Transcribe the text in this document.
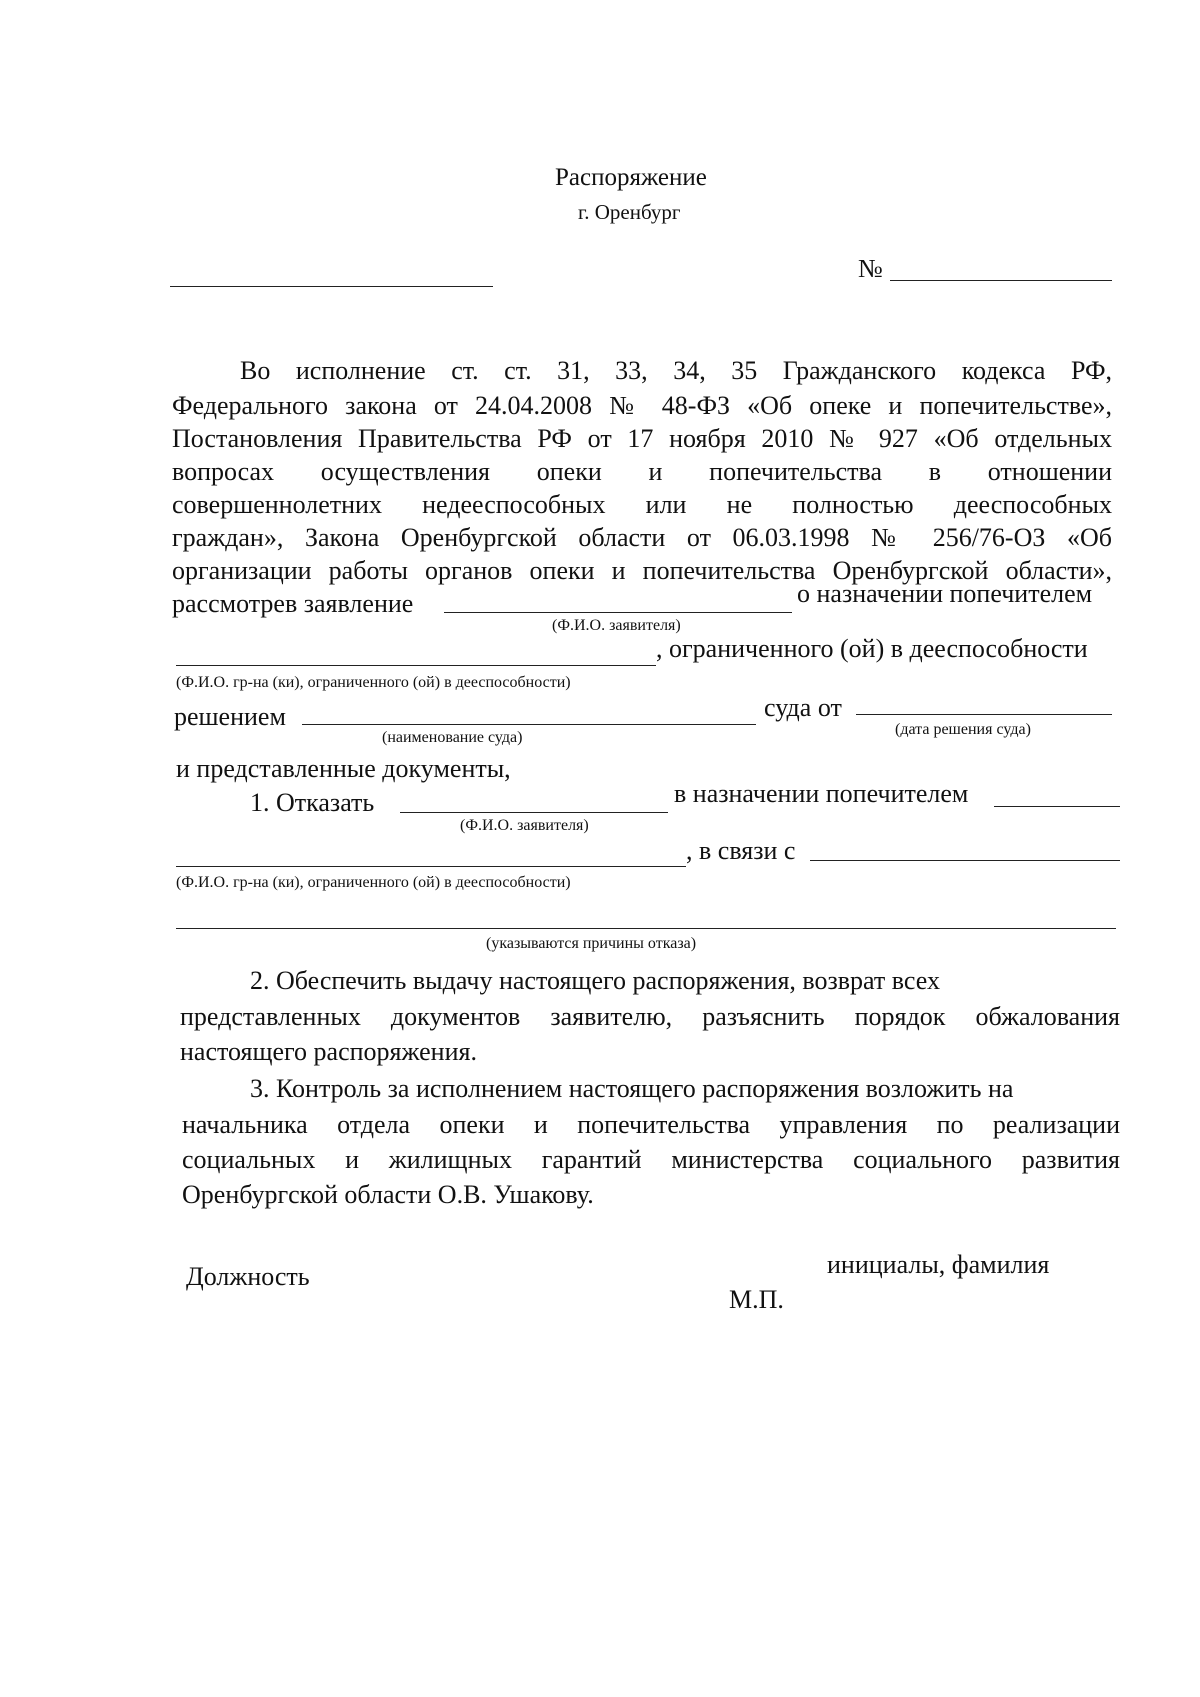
Распоряжение
г. Оренбург
№
Во исполнение ст. ст. 31, 33, 34, 35 Гражданского кодекса РФ,
Федерального закона от 24.04.2008 № 48-ФЗ «Об опеке и попечительстве»,
Постановления Правительства РФ от 17 ноября 2010 № 927 «Об отдельных
вопросах осуществления опеки и попечительства в отношении
совершеннолетних недееспособных или не полностью дееспособных
граждан», Закона Оренбургской области от 06.03.1998 № 256/76-ОЗ «Об
организации работы органов опеки и попечительства Оренбургской области»,
рассмотрев заявление	о назначении попечителем
(Ф.И.О. заявителя)
, ограниченного (ой) в дееспособности
(Ф.И.О. гр-на (ки), ограниченного (ой) в дееспособности)
решением	суда от
(наименование суда)	(дата решения суда)
и представленные документы,
1. Отказать	в назначении попечителем
(Ф.И.О. заявителя)
, в связи с
(Ф.И.О. гр-на (ки), ограниченного (ой) в дееспособности)
(указываются причины отказа)
2. Обеспечить выдачу настоящего распоряжения, возврат всех
представленных документов заявителю, разъяснить порядок обжалования
настоящего распоряжения.
3. Контроль за исполнением настоящего распоряжения возложить на
начальника отдела опеки и попечительства управления по реализации
социальных и жилищных гарантий министерства социального развития
Оренбургской области О.В. Ушакову.
Должность	инициалы, фамилия
М.П.
